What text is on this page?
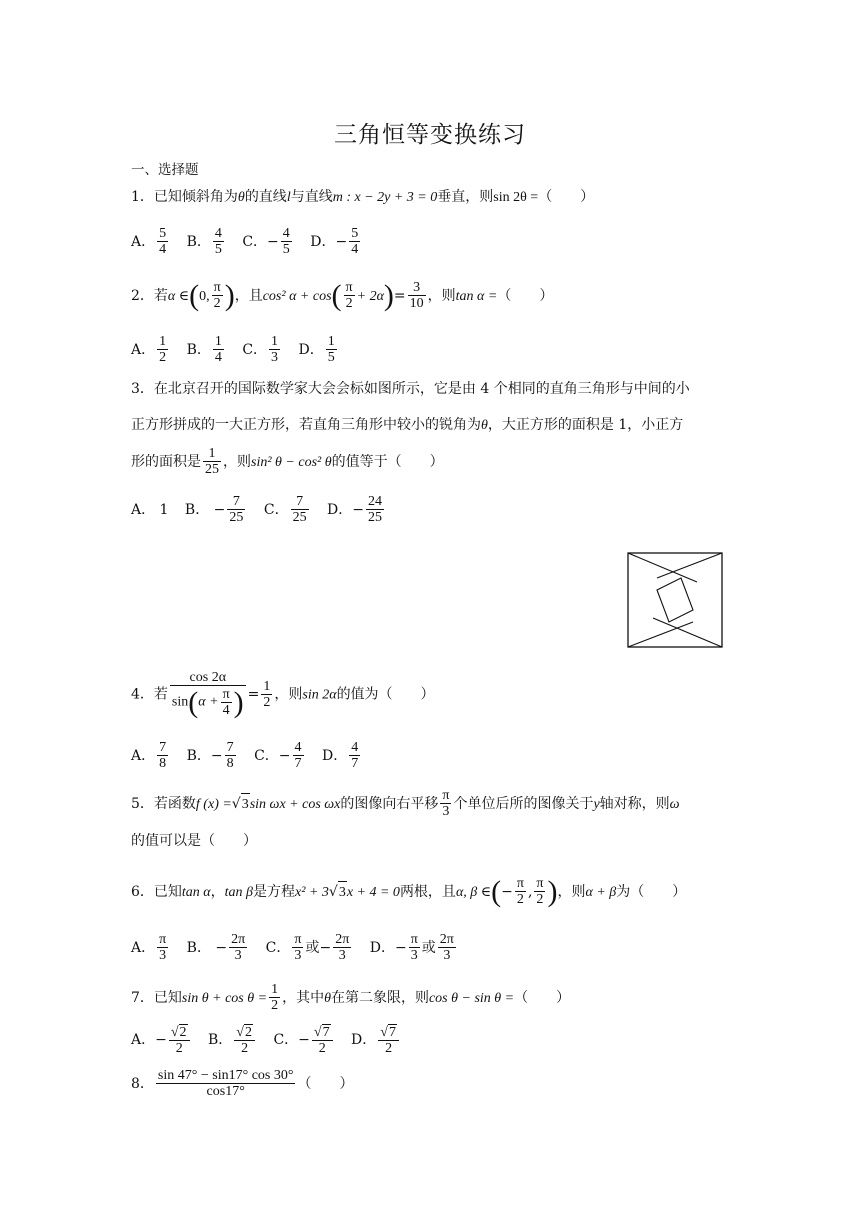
三角恒等变换练习
一、选择题
1．已知倾斜角为θ的直线l与直线m : x − 2y + 3 = 0垂直，则sin 2θ =（　　）
A． $\frac{5}{4}$ B． $\frac{4}{5}$ C．− $\frac{4}{5}$ D．− $\frac{5}{4}$
2．若α ∈(0, $\frac{\pi}{2}$ )，且cos² $\alpha + \cos( \frac{\pi}{2} + 2\alpha)= \frac{3}{10}$ ，则tan α =（　　）
A． $\frac{1}{2}$ B． $\frac{1}{4}$ C． $\frac{1}{3}$ D． $\frac{1}{5}$
3．在北京召开的国际数学家大会会标如图所示，它是由 4 个相同的直角三角形与中间的小
正方形拼成的一大正方形，若直角三角形中较小的锐角为θ，大正方形的面积是 1，小正方
形的面积是 $\frac{1}{25}$ ，则sin² θ − cos² θ的值等于（　　）
A． 1 B． − $\frac{7}{25}$ C． $\frac{7}{25}$ D．− $\frac{24}{25}$
4．若 $\frac{\cos 2\alpha}{\sin(\alpha + \frac{\pi}{4} )} = \frac{1}{2}$ ，则sin 2α的值为（　　）
A． $\frac{7}{8}$ B．− $\frac{7}{8}$ C．− $\frac{4}{7}$ D． $\frac{4}{7}$
5．若函数f (x) =√3sin ωx + cos ωx的图像向右平移 $\frac{\pi}{3}$ 个单位后所的图像关于y轴对称，则ω
的值可以是（　　）
6．已知tan α，tan β是方程x² + 3√3x + 4 = 0两根，且α, β ∈(− $\frac{\pi}{2}$ , $\frac{\pi}{2}$ )，则α + β为（　　）
A． $\frac{\pi}{3}$ B． − $\frac{2\pi}{3}$ C． $\frac{\pi}{3}$ 或− $\frac{2\pi}{3}$ D．− $\frac{\pi}{3}$ 或 $\frac{2\pi}{3}$
7．已知$\sin \theta + \cos \theta = \frac{1}{2}$ ，其中θ在第二象限，则cos θ − sin θ =（　　）
A．− $\frac{√2}{2}$ B． $\frac{√2}{2}$ C．− $\frac{√7}{2}$ D． $\frac{√7}{2}$
8． $\frac{\sin 47^\circ - \sin 17^\circ \cos 30^\circ}{\cos 17^\circ}$ （　　）
